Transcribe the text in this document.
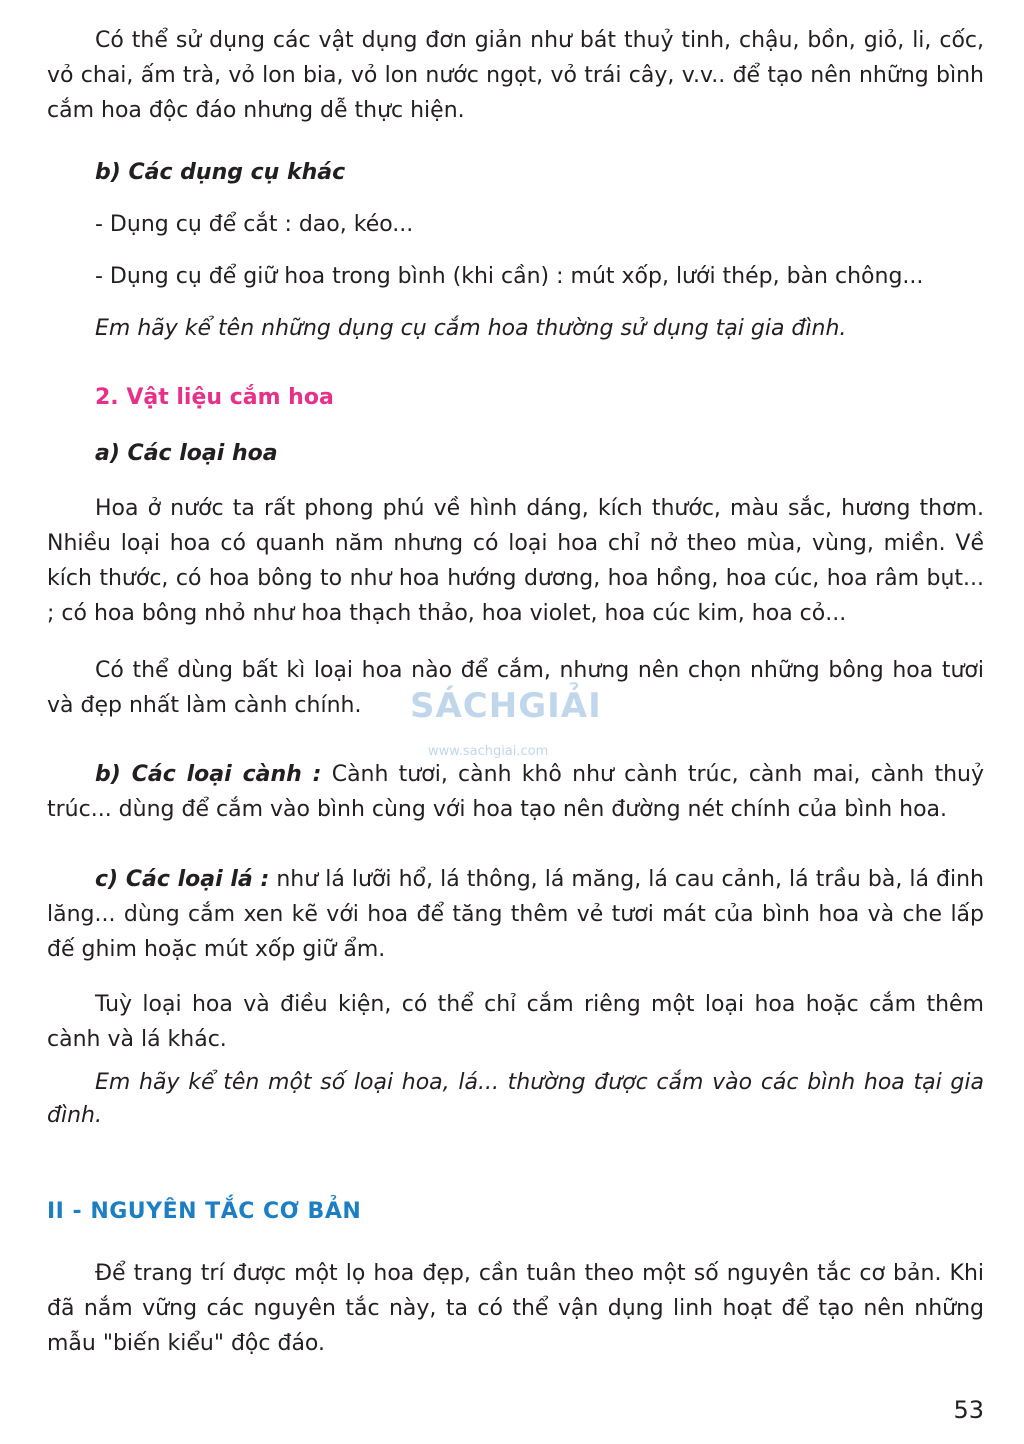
Có thể sử dụng các vật dụng đơn giản như bát thuỷ tinh, chậu, bồn, giỏ, li, cốc, vỏ chai, ấm trà, vỏ lon bia, vỏ lon nước ngọt, vỏ trái cây, v.v.. để tạo nên những bình cắm hoa độc đáo nhưng dễ thực hiện.

b) Các dụng cụ khác

- Dụng cụ để cắt : dao, kéo...

- Dụng cụ để giữ hoa trong bình (khi cần) : mút xốp, lưới thép, bàn chông...

Em hãy kể tên những dụng cụ cắm hoa thường sử dụng tại gia đình.

2. Vật liệu cắm hoa

a) Các loại hoa

Hoa ở nước ta rất phong phú về hình dáng, kích thước, màu sắc, hương thơm. Nhiều loại hoa có quanh năm nhưng có loại hoa chỉ nở theo mùa, vùng, miền. Về kích thước, có hoa bông to như hoa hướng dương, hoa hồng, hoa cúc, hoa râm bụt... ; có hoa bông nhỏ như hoa thạch thảo, hoa violet, hoa cúc kim, hoa cỏ...

Có thể dùng bất kì loại hoa nào để cắm, nhưng nên chọn những bông hoa tươi và đẹp nhất làm cành chính.

b) Các loại cành : Cành tươi, cành khô như cành trúc, cành mai, cành thuỷ trúc... dùng để cắm vào bình cùng với hoa tạo nên đường nét chính của bình hoa.

c) Các loại lá : như lá lưỡi hổ, lá thông, lá măng, lá cau cảnh, lá trầu bà, lá đinh lăng... dùng cắm xen kẽ với hoa để tăng thêm vẻ tươi mát của bình hoa và che lấp đế ghim hoặc mút xốp giữ ẩm.

Tuỳ loại hoa và điều kiện, có thể chỉ cắm riêng một loại hoa hoặc cắm thêm cành và lá khác.

Em hãy kể tên một số loại hoa, lá... thường được cắm vào các bình hoa tại gia đình.

II - NGUYÊN TẮC CƠ BẢN

Để trang trí được một lọ hoa đẹp, cần tuân theo một số nguyên tắc cơ bản. Khi đã nắm vững các nguyên tắc này, ta có thể vận dụng linh hoạt để tạo nên những mẫu "biến kiểu" độc đáo.

SÁCHGIẢI
www.sachgiai.com
53
